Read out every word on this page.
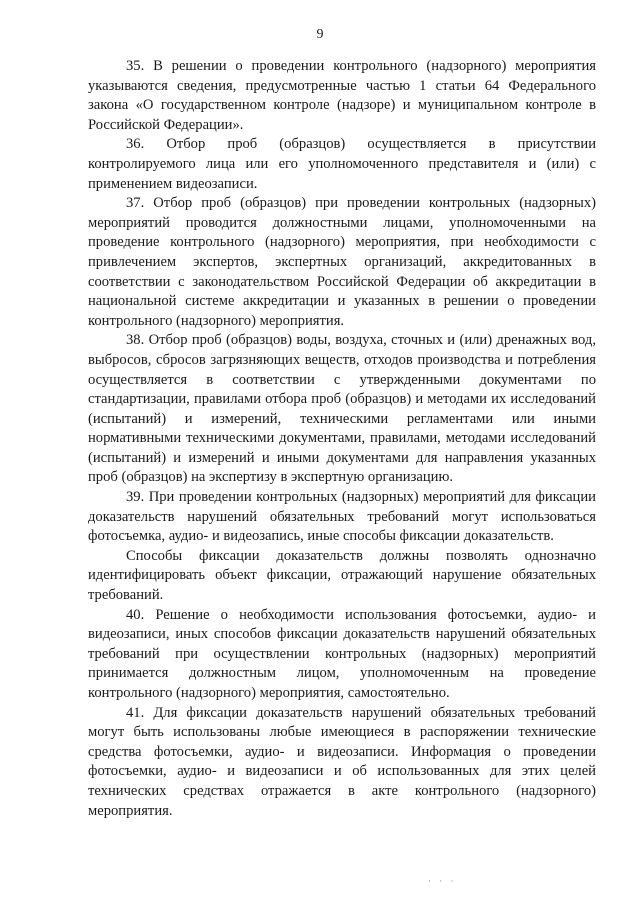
9

35. В решении о проведении контрольного (надзорного) мероприятия указываются сведения, предусмотренные частью 1 статьи 64 Федерального закона «О государственном контроле (надзоре) и муниципальном контроле в Российской Федерации».

36. Отбор проб (образцов) осуществляется в присутствии контролируемого лица или его уполномоченного представителя и (или) с применением видеозаписи.

37. Отбор проб (образцов) при проведении контрольных (надзорных) мероприятий проводится должностными лицами, уполномоченными на проведение контрольного (надзорного) мероприятия, при необходимости с привлечением экспертов, экспертных организаций, аккредитованных в соответствии с законодательством Российской Федерации об аккредитации в национальной системе аккредитации и указанных в решении о проведении контрольного (надзорного) мероприятия.

38. Отбор проб (образцов) воды, воздуха, сточных и (или) дренажных вод, выбросов, сбросов загрязняющих веществ, отходов производства и потребления осуществляется в соответствии с утвержденными документами по стандартизации, правилами отбора проб (образцов) и методами их исследований (испытаний) и измерений, техническими регламентами или иными нормативными техническими документами, правилами, методами исследований (испытаний) и измерений и иными документами для направления указанных проб (образцов) на экспертизу в экспертную организацию.

39. При проведении контрольных (надзорных) мероприятий для фиксации доказательств нарушений обязательных требований могут использоваться фотосъемка, аудио- и видеозапись, иные способы фиксации доказательств.

Способы фиксации доказательств должны позволять однозначно идентифицировать объект фиксации, отражающий нарушение обязательных требований.

40. Решение о необходимости использования фотосъемки, аудио- и видеозаписи, иных способов фиксации доказательств нарушений обязательных требований при осуществлении контрольных (надзорных) мероприятий принимается должностным лицом, уполномоченным на проведение контрольного (надзорного) мероприятия, самостоятельно.

41. Для фиксации доказательств нарушений обязательных требований могут быть использованы любые имеющиеся в распоряжении технические средства фотосъемки, аудио- и видеозаписи. Информация о проведении фотосъемки, аудио- и видеозаписи и об использованных для этих целей технических средствах отражается в акте контрольного (надзорного) мероприятия.

· · ·
